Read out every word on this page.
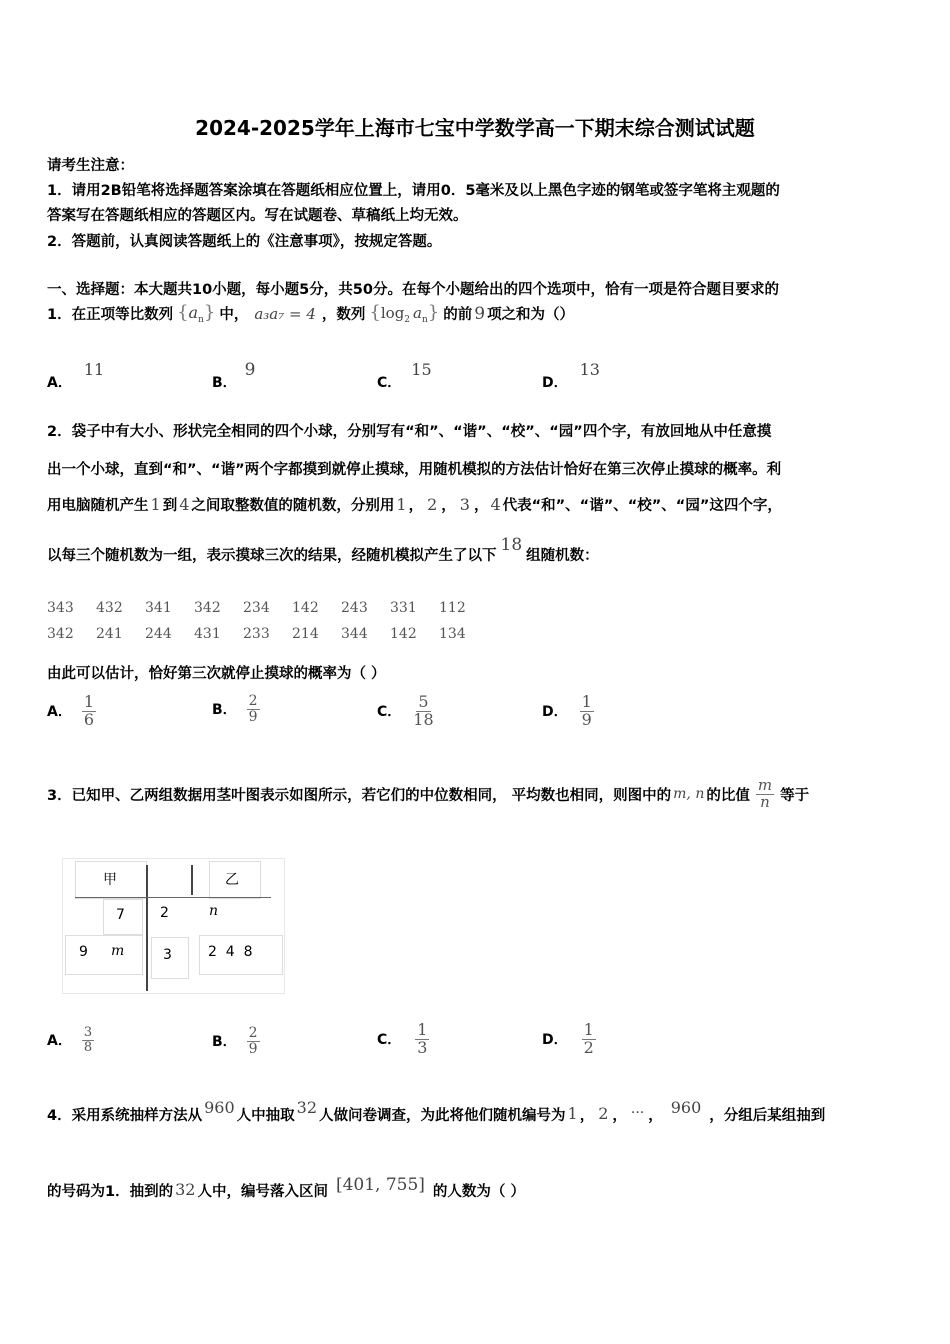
2024-2025学年上海市七宝中学数学高一下期末综合测试试题
请考生注意：
1．请用2B铅笔将选择题答案涂填在答题纸相应位置上，请用0．5毫米及以上黑色字迹的钢笔或签字笔将主观题的
答案写在答题纸相应的答题区内。写在试题卷、草稿纸上均无效。
2．答题前，认真阅读答题纸上的《注意事项》，按规定答题。
一、选择题：本大题共10小题，每小题5分，共50分。在每个小题给出的四个选项中，恰有一项是符合题目要求的
1．在正项等比数列 $\{a_n\}$ 中， a₃a₇ = 4 ，数列 {$\log_2$ $a_n$} 的前 9 项之和为（）
A．11
B．9
C．15
D．13
2．袋子中有大小、形状完全相同的四个小球，分别写有“和”、“谐”、“校”、“园”四个字，有放回地从中任意摸
出一个小球，直到“和”、“谐”两个字都摸到就停止摸球，用随机模拟的方法估计恰好在第三次停止摸球的概率。利
用电脑随机产生 1 到 4 之间取整数值的随机数，分别用 1 ， 2 ， 3 ， 4 代表“和”、“谐”、“校”、“园”这四个字，
以每三个随机数为一组，表示摸球三次的结果，经随机模拟产生了以下
18
组随机数：
343 432 341 342 234 142 243 331 112
342 241 244 431 233 214 344 142 134
由此可以估计，恰好第三次就停止摸球的概率为（ ）
A． $\frac{1}{6}$	B． $\frac{2}{9}$	C． $\frac{5}{18}$	D． $\frac{1}{9}$
3．已知甲、乙两组数据用茎叶图表示如图所示，若它们的中位数相同， 平均数也相同，则图中的 m, n 的比值 $\frac{m}{n}$ 等于
甲	乙
7	2	n
9 m	3	2  4  8
A． $\frac{3}{8}$	B． $\frac{2}{9}$	C． $\frac{1}{3}$	D． $\frac{1}{2}$
4．采用系统抽样方法从 960 人中抽取 32 人做问卷调查，为此将他们随机编号为 1 ， 2 ， ··· ， 960 ，分组后某组抽到
的号码为1．抽到的 32 人中，编号落入区间 [401, 755] 的人数为（ ）
